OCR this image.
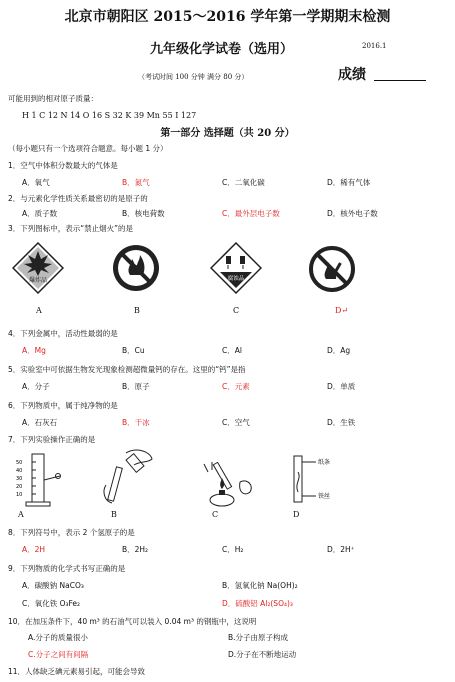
北京市朝阳区 2015～2016 学年第一学期期末检测
九年级化学试卷（选用）	2016.1
（考试时间 100 分钟 满分 80 分）	成绩
可能用到的相对原子质量：
H 1 C 12 N 14 O 16 S 32 K 39 Mn 55 I 127
第一部分 选择题（共 20 分）
（每小题只有一个选项符合题意。每小题 1 分）
1．空气中体积分数最大的气体是
A．氧气	B．氮气	C．二氧化碳	D．稀有气体
2．与元素化学性质关系最密切的是原子的
A．质子数	B．核电荷数	C．最外层电子数	D．核外电子数
3．下列图标中，表示“禁止烟火”的是
爆炸品	腐蚀品
A	B	C	D↵
4．下列金属中，活动性最弱的是
A．Mg	B．Cu	C．Al	D．Ag
5．实验室中可依据生物发光现象检测超微量钙的存在。这里的“钙”是指
A．分子	B．原子	C．元素	D．单质
6．下列物质中，属于纯净物的是
A．石灰石	B．干冰	C．空气	D．生铁
7．下列实验操作正确的是
50
40
30
20
10
纸条
铁丝
A	B	C	D
8．下列符号中，表示 2 个氢原子的是
A．2H	B．2H₂	C．H₂	D．2H⁺
9．下列物质的化学式书写正确的是
A．碳酸钠 NaCO₃	B．氢氧化钠 Na(OH)₂
C．氧化铁 O₃Fe₂	D．硫酸铝 Al₂(SO₄)₃
10．在加压条件下，40 m³ 的石油气可以装入 0.04 m³ 的钢瓶中，这说明
A.分子的质量很小	B.分子由原子构成
C.分子之间有间隔	D.分子在不断地运动
11．人体缺乏碘元素易引起，可能会导致
